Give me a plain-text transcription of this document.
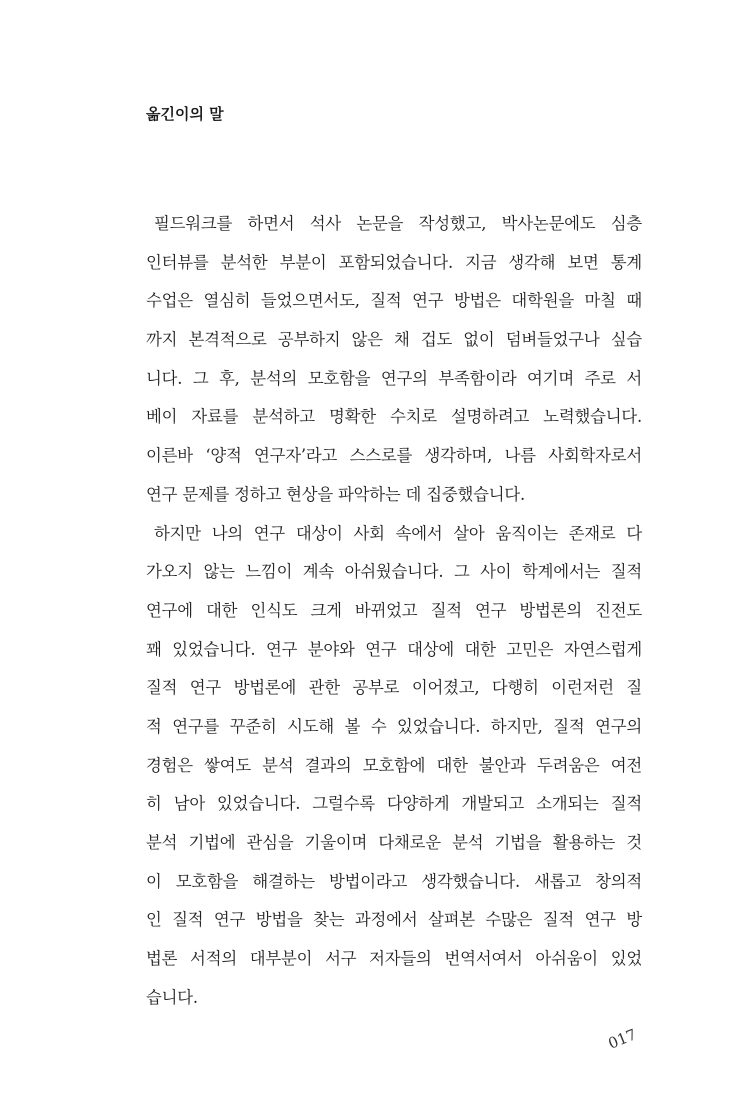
옮긴이의 말

필드워크를 하면서 석사 논문을 작성했고, 박사논문에도 심층
인터뷰를 분석한 부분이 포함되었습니다. 지금 생각해 보면 통계
수업은 열심히 들었으면서도, 질적 연구 방법은 대학원을 마칠 때
까지 본격적으로 공부하지 않은 채 겁도 없이 덤벼들었구나 싶습
니다. 그 후, 분석의 모호함을 연구의 부족함이라 여기며 주로 서
베이 자료를 분석하고 명확한 수치로 설명하려고 노력했습니다.
이른바 ‘양적 연구자’라고 스스로를 생각하며, 나름 사회학자로서
연구 문제를 정하고 현상을 파악하는 데 집중했습니다.

하지만 나의 연구 대상이 사회 속에서 살아 움직이는 존재로 다
가오지 않는 느낌이 계속 아쉬웠습니다. 그 사이 학계에서는 질적
연구에 대한 인식도 크게 바뀌었고 질적 연구 방법론의 진전도
꽤 있었습니다. 연구 분야와 연구 대상에 대한 고민은 자연스럽게
질적 연구 방법론에 관한 공부로 이어졌고, 다행히 이런저런 질
적 연구를 꾸준히 시도해 볼 수 있었습니다. 하지만, 질적 연구의
경험은 쌓여도 분석 결과의 모호함에 대한 불안과 두려움은 여전
히 남아 있었습니다. 그럴수록 다양하게 개발되고 소개되는 질적
분석 기법에 관심을 기울이며 다채로운 분석 기법을 활용하는 것
이 모호함을 해결하는 방법이라고 생각했습니다. 새롭고 창의적
인 질적 연구 방법을 찾는 과정에서 살펴본 수많은 질적 연구 방
법론 서적의 대부분이 서구 저자들의 번역서여서 아쉬움이 있었
습니다.

017
